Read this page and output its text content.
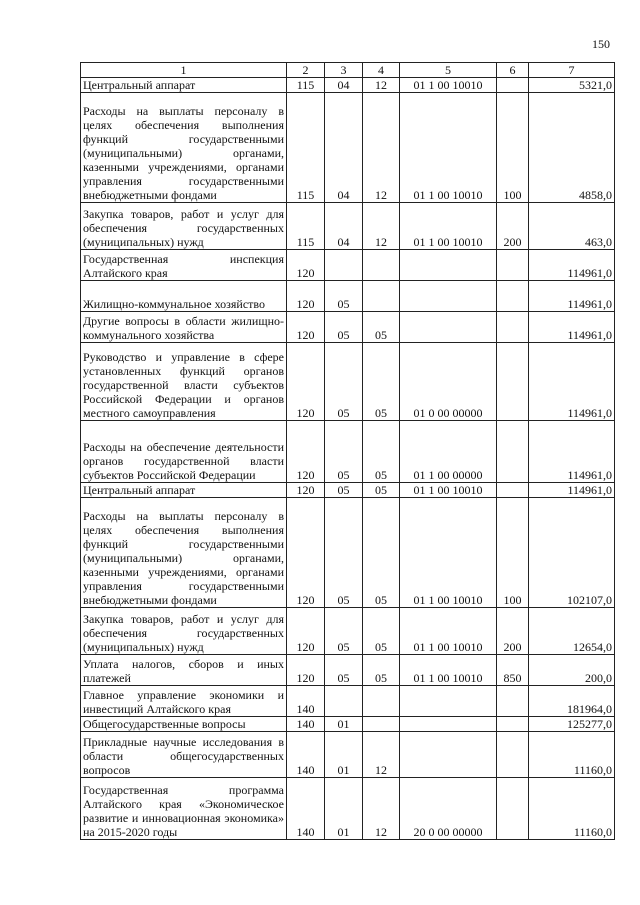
150
1	2	3	4	5	6	7
Центральный аппарат	115	04	12	01 1 00 10010		5321,0
Расходы на выплаты персоналу в целях обеспечения выполнения функций государственными (муниципальными) органами, казенными учреждениями, органами управления государственными внебюджетными фондами	115	04	12	01 1 00 10010	100	4858,0
Закупка товаров, работ и услуг для обеспечения государственных (муниципальных) нужд	115	04	12	01 1 00 10010	200	463,0
Государственная инспекция Алтайского края	120					114961,0
Жилищно-коммунальное хозяйство	120	05				114961,0
Другие вопросы в области жилищно-коммунального хозяйства	120	05	05			114961,0
Руководство и управление в сфере установленных функций органов государственной власти субъектов Российской Федерации и органов местного самоуправления	120	05	05	01 0 00 00000		114961,0
Расходы на обеспечение деятельности органов государственной власти субъектов Российской Федерации	120	05	05	01 1 00 00000		114961,0
Центральный аппарат	120	05	05	01 1 00 10010		114961,0
Расходы на выплаты персоналу в целях обеспечения выполнения функций государственными (муниципальными) органами, казенными учреждениями, органами управления государственными внебюджетными фондами	120	05	05	01 1 00 10010	100	102107,0
Закупка товаров, работ и услуг для обеспечения государственных (муниципальных) нужд	120	05	05	01 1 00 10010	200	12654,0
Уплата налогов, сборов и иных платежей	120	05	05	01 1 00 10010	850	200,0
Главное управление экономики и инвестиций Алтайского края	140					181964,0
Общегосударственные вопросы	140	01				125277,0
Прикладные научные исследования в области общегосударственных вопросов	140	01	12			11160,0
Государственная программа Алтайского края «Экономическое развитие и инновационная экономика» на 2015-2020 годы	140	01	12	20 0 00 00000		11160,0
